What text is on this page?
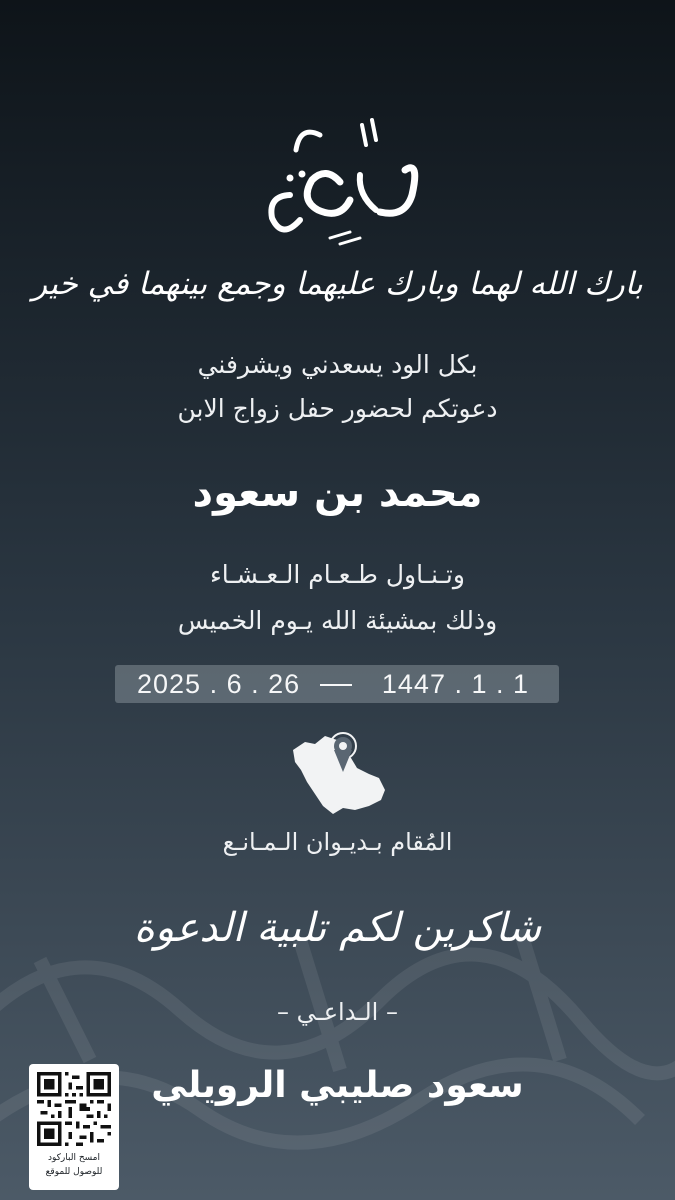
بارك الله لهما وبارك عليهما وجمع بينهما في خير
بكل الود يسعدني ويشرفني
دعوتكم لحضور حفل زواج الابن
محمد بن سعود
وتـنـاول طـعـام الـعـشـاء
وذلك بمشيئة الله يـوم الخميس
2025 . 6 . 26	1447 . 1 . 1
المُقام بـديـوان الـمـانـع
شاكرين لكم تلبية الدعوة
– الـداعـي –
سعود صليبي الرويلي
امسح الباركود
للوصول للموقع
